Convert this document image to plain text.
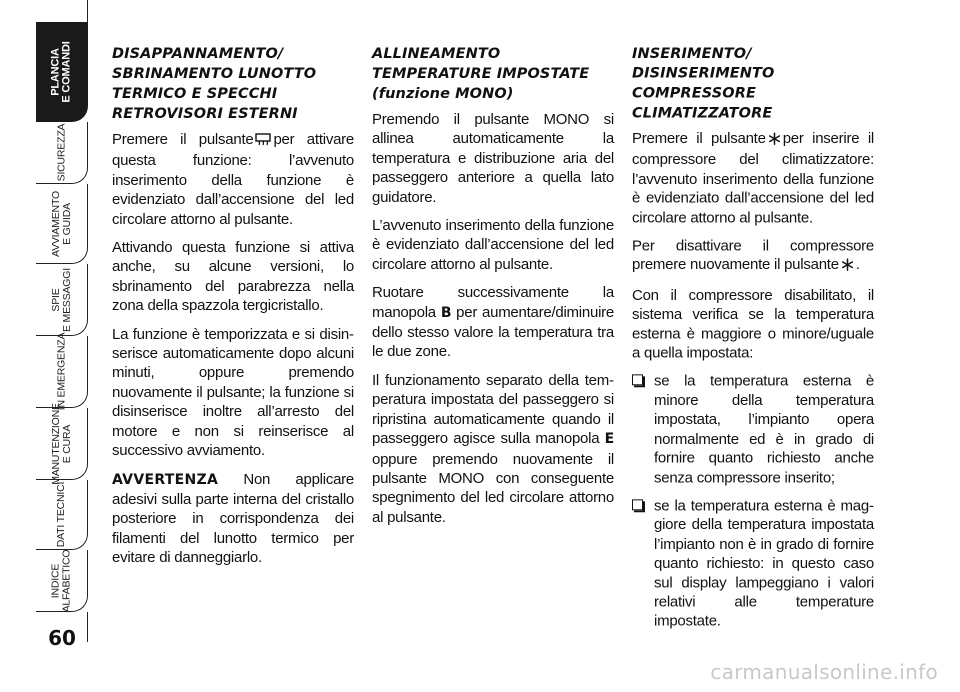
PLANCIA E COMANDI
SICUREZZA
AVVIAMENTO E GUIDA
SPIE E MESSAGGI
IN EMERGENZA
MANUTENZIONE E CURA
DATI TECNICI
INDICE ALFABETICO
60
DISAPPANNAMENTO/
SBRINAMENTO LUNOTTO
TERMICO E SPECCHI
RETROVISORI ESTERNI

Premere il pulsante per attivare questa funzione: l’avvenuto inserimento della funzione è evidenziato dall’accensione del led circolare attorno al pulsante.

Attivando questa funzione si attiva anche, su alcune versioni, lo sbrinamento del parabrezza nella zona della spazzola tergicristallo.

La funzione è temporizzata e si disinserisce automaticamente dopo alcuni minuti, oppure premendo nuovamente il pulsante; la funzione si disinserisce inoltre all’arresto del motore e non si reinserisce al successivo avviamento.

AVVERTENZA Non applicare adesivi sulla parte interna del cristallo posteriore in corrispondenza dei filamenti del lunotto termico per evitare di danneggiarlo.

ALLINEAMENTO
TEMPERATURE IMPOSTATE
(funzione MONO)

Premendo il pulsante MONO si allinea automaticamente la temperatura e distribuzione aria del passeggero anteriore a quella lato guidatore.

L’avvenuto inserimento della funzione è evidenziato dall’accensione del led circolare attorno al pulsante.

Ruotare successivamente la manopola B per aumentare/diminuire dello stesso valore la temperatura tra le due zone.

Il funzionamento separato della temperatura impostata del passeggero si ripristina automaticamente quando il passeggero agisce sulla manopola E oppure premendo nuovamente il pulsante MONO con conseguente spegnimento del led circolare attorno al pulsante.

INSERIMENTO/
DISINSERIMENTO
COMPRESSORE
CLIMATIZZATORE

Premere il pulsante per inserire il compressore del climatizzatore: l’avvenuto inserimento della funzione è evidenziato dall’accensione del led circolare attorno al pulsante.

Per disattivare il compressore premere nuovamente il pulsante .

Con il compressore disabilitato, il sistema verifica se la temperatura esterna è maggiore o minore/uguale a quella impostata:

se la temperatura esterna è minore della temperatura impostata, l’impianto opera normalmente ed è in grado di fornire quanto richiesto anche senza compressore inserito;
se la temperatura esterna è maggiore della temperatura impostata l’impianto non è in grado di fornire quanto richiesto: in questo caso sul display lampeggiano i valori relativi alle temperature impostate.
carmanualsonline.info
